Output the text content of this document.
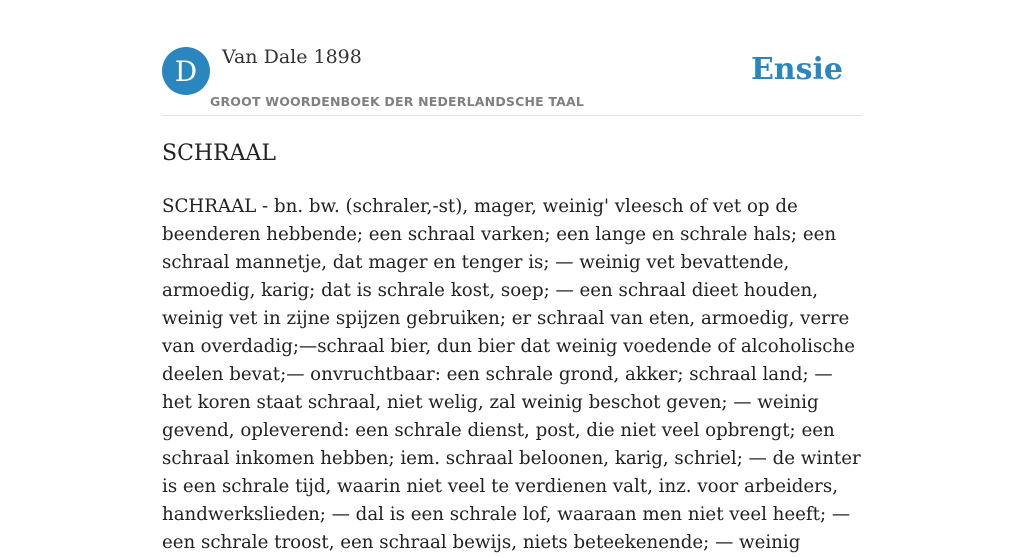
D Van Dale 1898
GROOT WOORDENBOEK DER NEDERLANDSCHE TAAL
Ensie
SCHRAAL

SCHRAAL - bn. bw. (schraler,-st), mager, weinig' vleesch of vet op de beenderen hebbende; een schraal varken; een lange en schrale hals; een schraal mannetje, dat mager en tenger is; — weinig vet bevattende, armoedig, karig; dat is schrale kost, soep; — een schraal dieet houden, weinig vet in zijne spijzen gebruiken; er schraal van eten, armoedig, verre van overdadig;—schraal bier, dun bier dat weinig voedende of alcoholische deelen bevat;— onvruchtbaar: een schrale grond, akker; schraal land; — het koren staat schraal, niet welig, zal weinig beschot geven; — weinig gevend, opleverend: een schrale dienst, post, die niet veel opbrengt; een schraal inkomen hebben; iem. schraal beloonen, karig, schriel; — de winter is een schrale tijd, waarin niet veel te verdienen valt, inz. voor arbeiders, handwerkslieden; — dal is een schrale lof, waaraan men niet veel heeft; — een schrale troost, een schraal bewijs, niets beteekenende; — weinig
